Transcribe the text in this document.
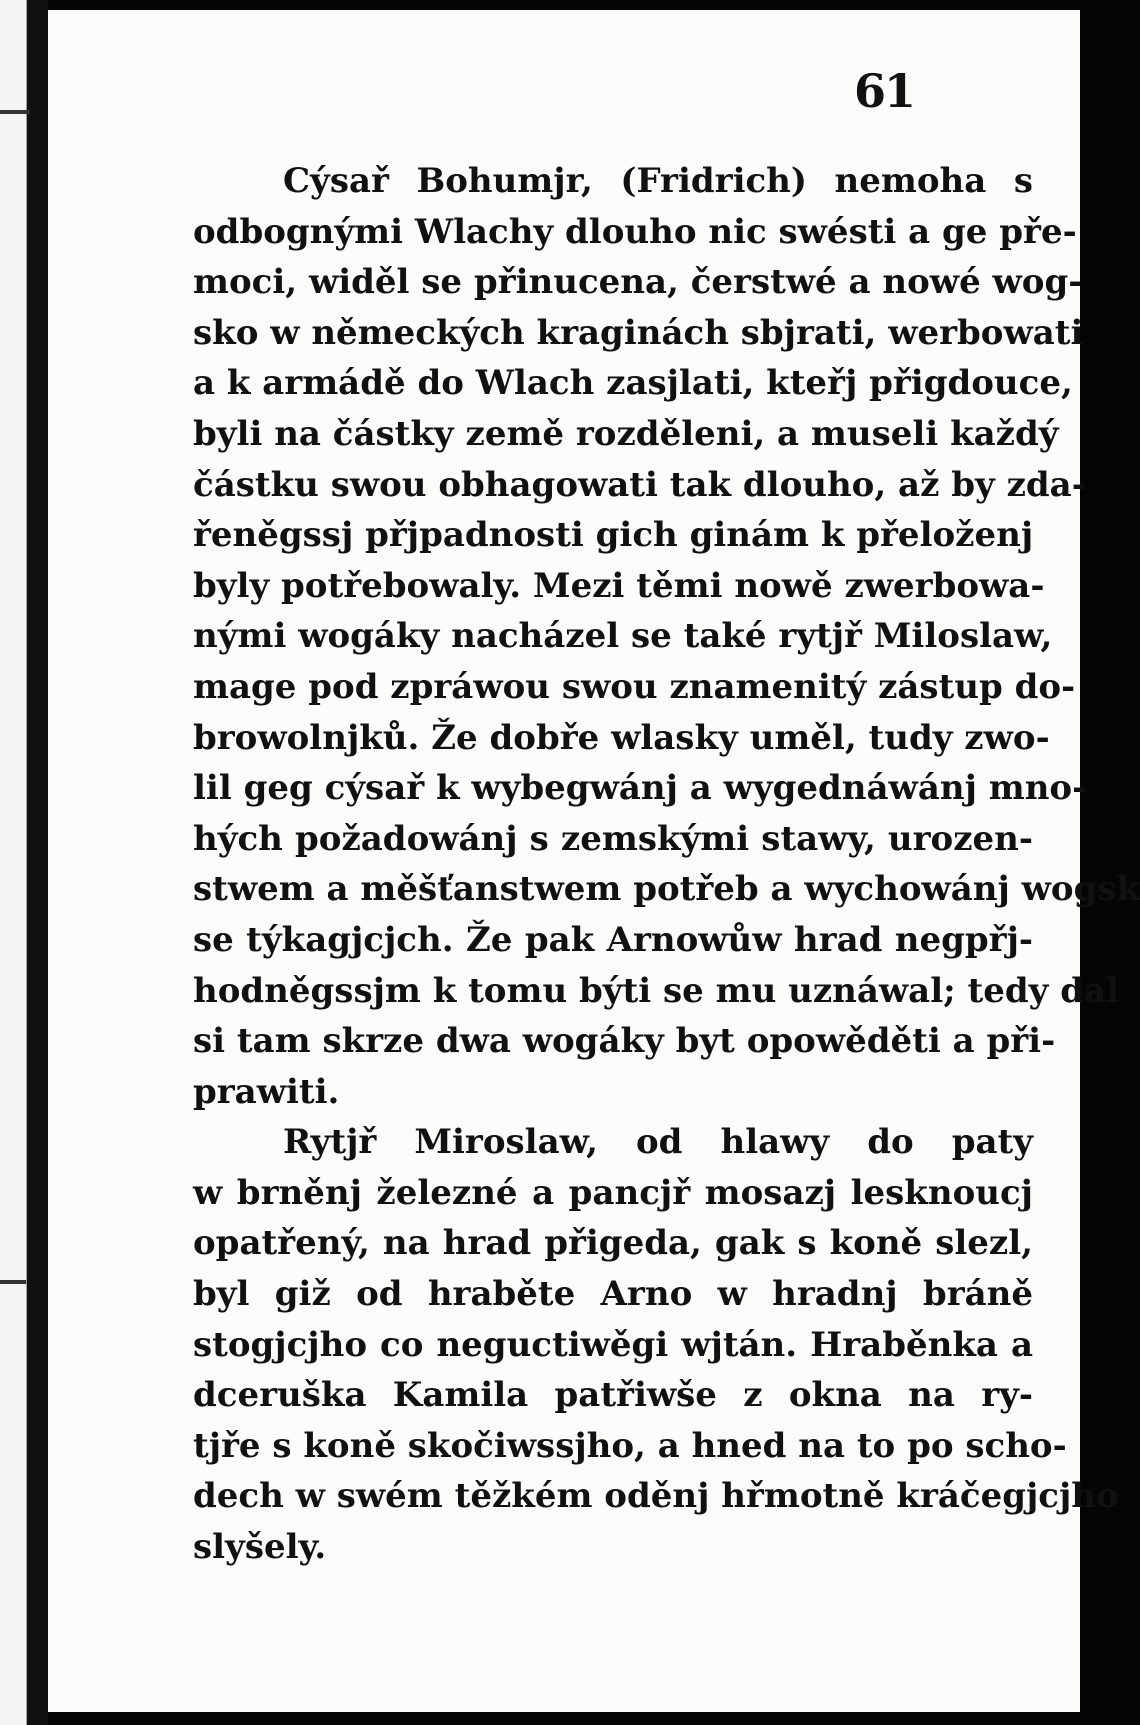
61
Cýsař Bohumjr, (Fridrich) nemoha s
odbognými Wlachy dlouho nic swésti a ge pře-
moci, widěl se přinucena, čerstwé a nowé wog-
sko w německých kraginách sbjrati, werbowati
a k armádě do Wlach zasjlati, kteřj přigdouce,
byli na částky země rozděleni, a museli každý
částku swou obhagowati tak dlouho, až by zda-
řeněgssj přjpadnosti gich ginám k přeloženj
byly potřebowaly. Mezi těmi nowě zwerbowa-
nými wogáky nacházel se také rytjř Miloslaw,
mage pod zpráwou swou znamenitý zástup do-
browolnjků. Že dobře wlasky uměl, tudy zwo-
lil geg cýsař k wybegwánj a wygednáwánj mno-
hých požadowánj s zemskými stawy, urozen-
stwem a měšťanstwem potřeb a wychowánj wogsk
se týkagjcjch. Že pak Arnowůw hrad negpřj-
hodněgssjm k tomu býti se mu uznáwal; tedy dal
si tam skrze dwa wogáky byt opowěděti a při-
prawiti.
Rytjř Miroslaw, od hlawy do paty
w brněnj železné a pancjř mosazj lesknoucj
opatřený, na hrad přigeda, gak s koně slezl,
byl giž od hraběte Arno w hradnj bráně
stogjcjho co neguctiwěgi wjtán. Hraběnka a
dceruška Kamila patřiwše z okna na ry-
tjře s koně skočiwssjho, a hned na to po scho-
dech w swém těžkém oděnj hřmotně kráčegjcjho
slyšely.
